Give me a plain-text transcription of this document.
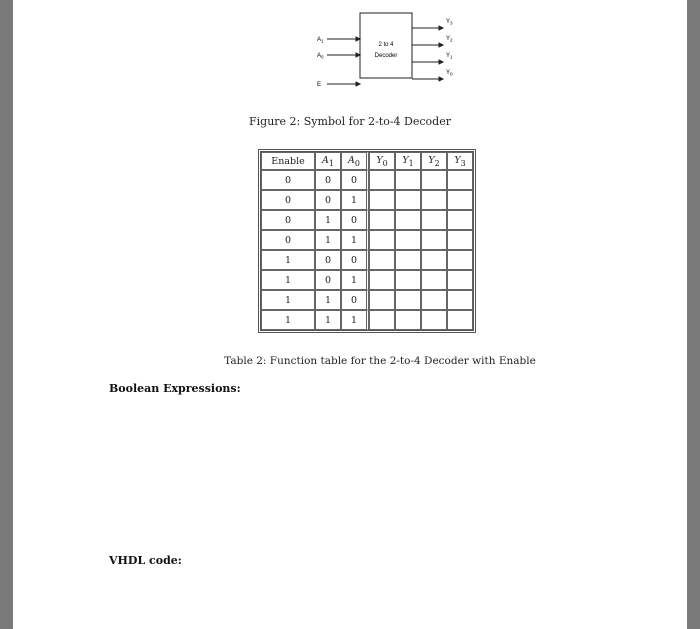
2 to 4
Decoder
$A_1$
$A_0$
E
$Y_3$
$Y_2$
$Y_1$
$Y_0$
Figure 2: Symbol for 2-to-4 Decoder
Enable	$A_1$	$A_0$	$Y_0$	$Y_1$	$Y_2$	$Y_3$
0	0	0				
0	0	1				
0	1	0				
0	1	1				
1	0	0				
1	0	1				
1	1	0				
1	1	1				
Table 2: Function table for the 2-to-4 Decoder with Enable
Boolean Expressions:
VHDL code:
